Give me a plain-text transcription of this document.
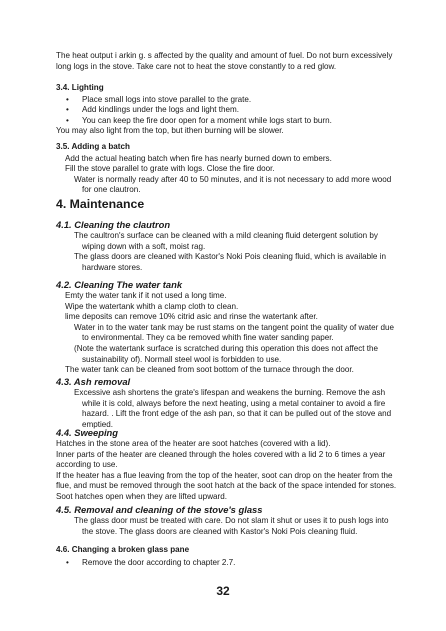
The heat output i arkin g. s affected by the quality and amount of fuel. Do not burn excessively long logs in the stove. Take care not to heat the stove constantly to a red glow.

3.4. Lighting

• Place small logs into stove parallel to the grate.
• Add kindlings under the logs and light them.
• You can keep the fire door open for a moment while logs start to burn.

You may also light from the top, but ithen burning will be slower.

3.5. Adding a batch

Add the actual heating batch when fire has nearly burned down to embers.

Fill the stove parallel to grate with logs. Close the fire door.

Water is normally ready after 40 to 50 minutes, and it is not necessary to add more wood for one clautron.

4. Maintenance

4.1. Cleaning the clautron

The caultron's surface can be cleaned with a mild cleaning fluid detergent solution by wiping down with a soft, moist rag.

The glass doors are cleaned with Kastor's Noki Pois cleaning fluid, which is available in hardware stores.

4.2. Cleaning The water tank

Emty the water tank if it not used a long time.

Wipe the watertank whith a clamp cloth to clean.

lime deposits can remove 10% citrid asic and rinse the watertank after.

Water in to the water tank may be rust stams on the tangent point the quality of water due to environmental. They ca be removed whith fine water sanding paper.

(Note the watertank surface is scratched during this operation this does not affect the sustainability of). Normall steel wool is forbidden to use.

The water tank can be cleaned from soot bottom of the turnace through the door.

4.3. Ash removal

Excessive ash shortens the grate's lifespan and weakens the burning. Remove the ash while it is cold, always before the next heating, using a metal container to avoid a fire hazard. . Lift the front edge of the ash pan, so that it can be pulled out of the stove and emptied.

4.4. Sweeping

Hatches in the stone area of the heater are soot hatches (covered with a lid).

Inner parts of the heater are cleaned through the holes covered with a lid 2 to 6 times a year according to use.

If the heater has a flue leaving from the top of the heater, soot can drop on the heater from the flue, and must be removed through the soot hatch at the back of the space intended for stones.

Soot hatches open when they are lifted upward.

4.5. Removal and cleaning of the stove's glass

The glass door must be treated with care. Do not slam it shut or uses it to push logs into the stove. The glass doors are cleaned with Kastor's Noki Pois cleaning fluid.

4.6. Changing a broken glass pane

• Remove the door according to chapter 2.7.
32
